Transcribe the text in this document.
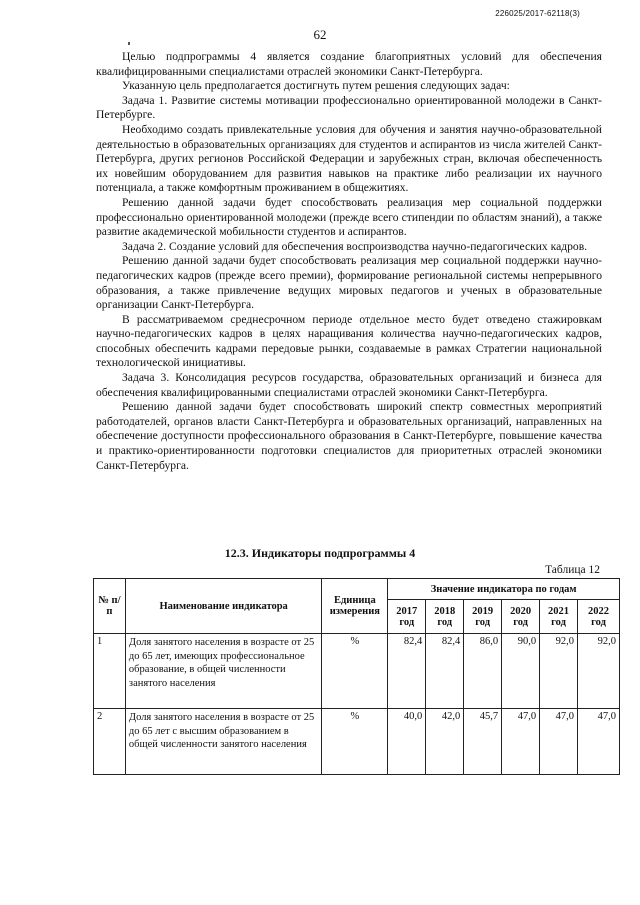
226025/2017-62118(3)
62

Целью подпрограммы 4 является создание благоприятных условий для обеспечения квалифицированными специалистами отраслей экономики Санкт-Петербурга.

Указанную цель предполагается достигнуть путем решения следующих задач:

Задача 1. Развитие системы мотивации профессионально ориентированной молодежи в Санкт-Петербурге.

Необходимо создать привлекательные условия для обучения и занятия научно-образовательной деятельностью в образовательных организациях для студентов и аспирантов из числа жителей Санкт-Петербурга, других регионов Российской Федерации и зарубежных стран, включая обеспеченность их новейшим оборудованием для развития навыков на практике либо реализации их научного потенциала, а также комфортным проживанием в общежитиях.

Решению данной задачи будет способствовать реализация мер социальной поддержки профессионально ориентированной молодежи (прежде всего стипендии по областям знаний), а также развитие академической мобильности студентов и аспирантов.

Задача 2. Создание условий для обеспечения воспроизводства научно-педагогических кадров.

Решению данной задачи будет способствовать реализация мер социальной поддержки научно-педагогических кадров (прежде всего премии), формирование региональной системы непрерывного образования, а также привлечение ведущих мировых педагогов и ученых в образовательные организации Санкт-Петербурга.

В рассматриваемом среднесрочном периоде отдельное место будет отведено стажировкам научно-педагогических кадров в целях наращивания количества научно-педагогических кадров, способных обеспечить кадрами передовые рынки, создаваемые в рамках Стратегии национальной технологической инициативы.

Задача 3. Консолидация ресурсов государства, образовательных организаций и бизнеса для обеспечения квалифицированными специалистами отраслей экономики Санкт-Петербурга.

Решению данной задачи будет способствовать широкий спектр совместных мероприятий работодателей, органов власти Санкт-Петербурга и образовательных организаций, направленных на обеспечение доступности профессионального образования в Санкт-Петербурге, повышение качества и практико-ориентированности подготовки специалистов для приоритетных отраслей экономики Санкт-Петербурга.

12.3. Индикаторы подпрограммы 4
Таблица 12
№ п/п	Наименование индикатора	Единица измерения	Значение индикатора по годам					
			2017 год	2018 год	2019 год	2020 год	2021 год	2022 год
1	Доля занятого населения в возрасте от 25 до 65 лет, имеющих профессиональное образование, в общей численности занятого населения	%	82,4	82,4	86,0	90,0	92,0	92,0
2	Доля занятого населения в возрасте от 25 до 65 лет с высшим образованием в общей численности занятого населения	%	40,0	42,0	45,7	47,0	47,0	47,0
